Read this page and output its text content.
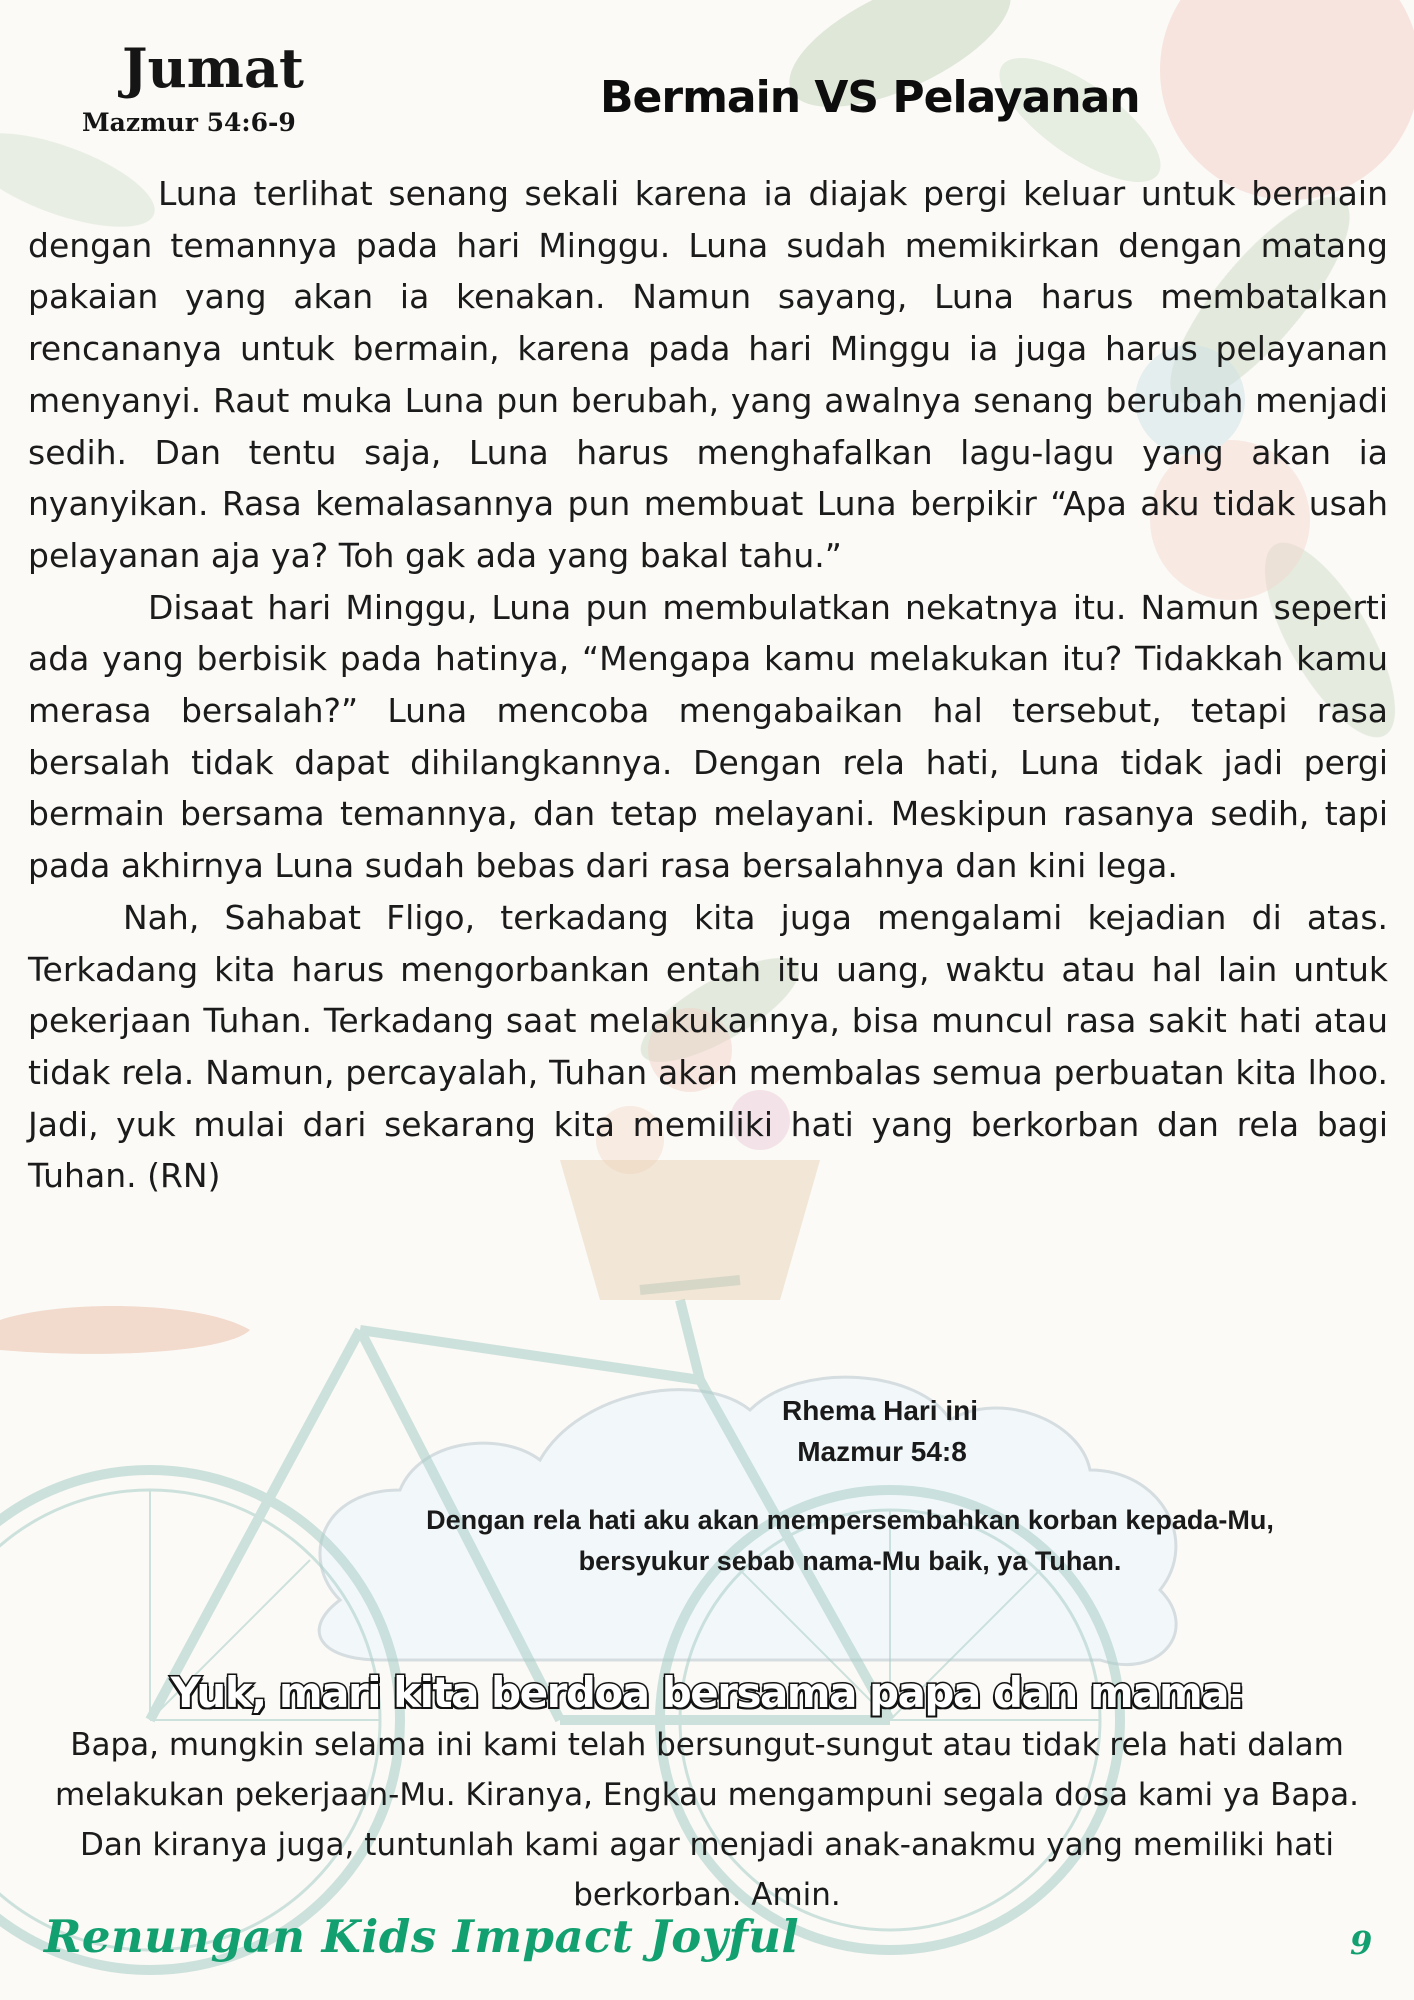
Jumat
Mazmur 54:6-9	Bermain VS Pelayanan

Luna terlihat senang sekali karena ia diajak pergi keluar untuk bermain dengan temannya pada hari Minggu. Luna sudah memikirkan dengan matang pakaian yang akan ia kenakan. Namun sayang, Luna harus membatalkan rencananya untuk bermain, karena pada hari Minggu ia juga harus pelayanan menyanyi. Raut muka Luna pun berubah, yang awalnya senang berubah menjadi sedih. Dan tentu saja, Luna harus menghafalkan lagu-lagu yang akan ia nyanyikan. Rasa kemalasannya pun membuat Luna berpikir “Apa aku tidak usah pelayanan aja ya? Toh gak ada yang bakal tahu.”

Disaat hari Minggu, Luna pun membulatkan nekatnya itu. Namun seperti ada yang berbisik pada hatinya, “Mengapa kamu melakukan itu? Tidakkah kamu merasa bersalah?” Luna mencoba mengabaikan hal tersebut, tetapi rasa bersalah tidak dapat dihilangkannya. Dengan rela hati, Luna tidak jadi pergi bermain bersama temannya, dan tetap melayani. Meskipun rasanya sedih, tapi pada akhirnya Luna sudah bebas dari rasa bersalahnya dan kini lega.

Nah, Sahabat Fligo, terkadang kita juga mengalami kejadian di atas. Terkadang kita harus mengorbankan entah itu uang, waktu atau hal lain untuk pekerjaan Tuhan. Terkadang saat melakukannya, bisa muncul rasa sakit hati atau tidak rela. Namun, percayalah, Tuhan akan membalas semua perbuatan kita lhoo. Jadi, yuk mulai dari sekarang kita memiliki hati yang berkorban dan rela bagi Tuhan. (RN)

Rhema Hari ini
Mazmur 54:8
Dengan rela hati aku akan mempersembahkan korban kepada-Mu, bersyukur sebab nama-Mu baik, ya Tuhan.
Yuk, mari kita berdoa bersama papa dan mama:
Bapa, mungkin selama ini kami telah bersungut-sungut atau tidak rela hati dalam melakukan pekerjaan-Mu. Kiranya, Engkau mengampuni segala dosa kami ya Bapa. Dan kiranya juga, tuntunlah kami agar menjadi anak-anakmu yang memiliki hati berkorban. Amin.
Renungan Kids Impact Joyful	9
